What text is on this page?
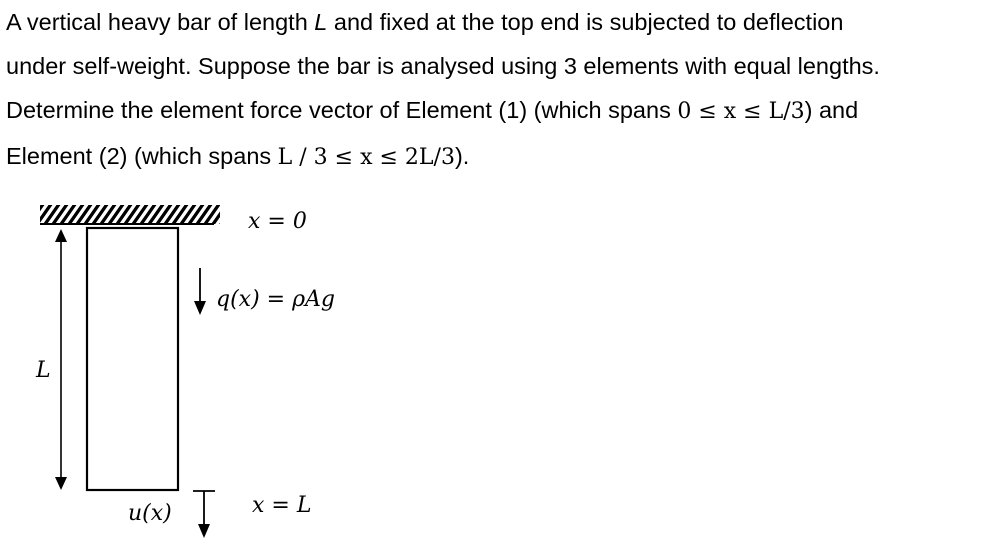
A vertical heavy bar of length L and fixed at the top end is subjected to deflection
under self-weight. Suppose the bar is analysed using 3 elements with equal lengths.
Determine the element force vector of Element (1) (which spans 0 ≤ x ≤ L/3) and
Element (2) (which spans L / 3 ≤ x ≤ 2L/3).
x = 0
q(x) = ρAg
L
u(x)	x = L
